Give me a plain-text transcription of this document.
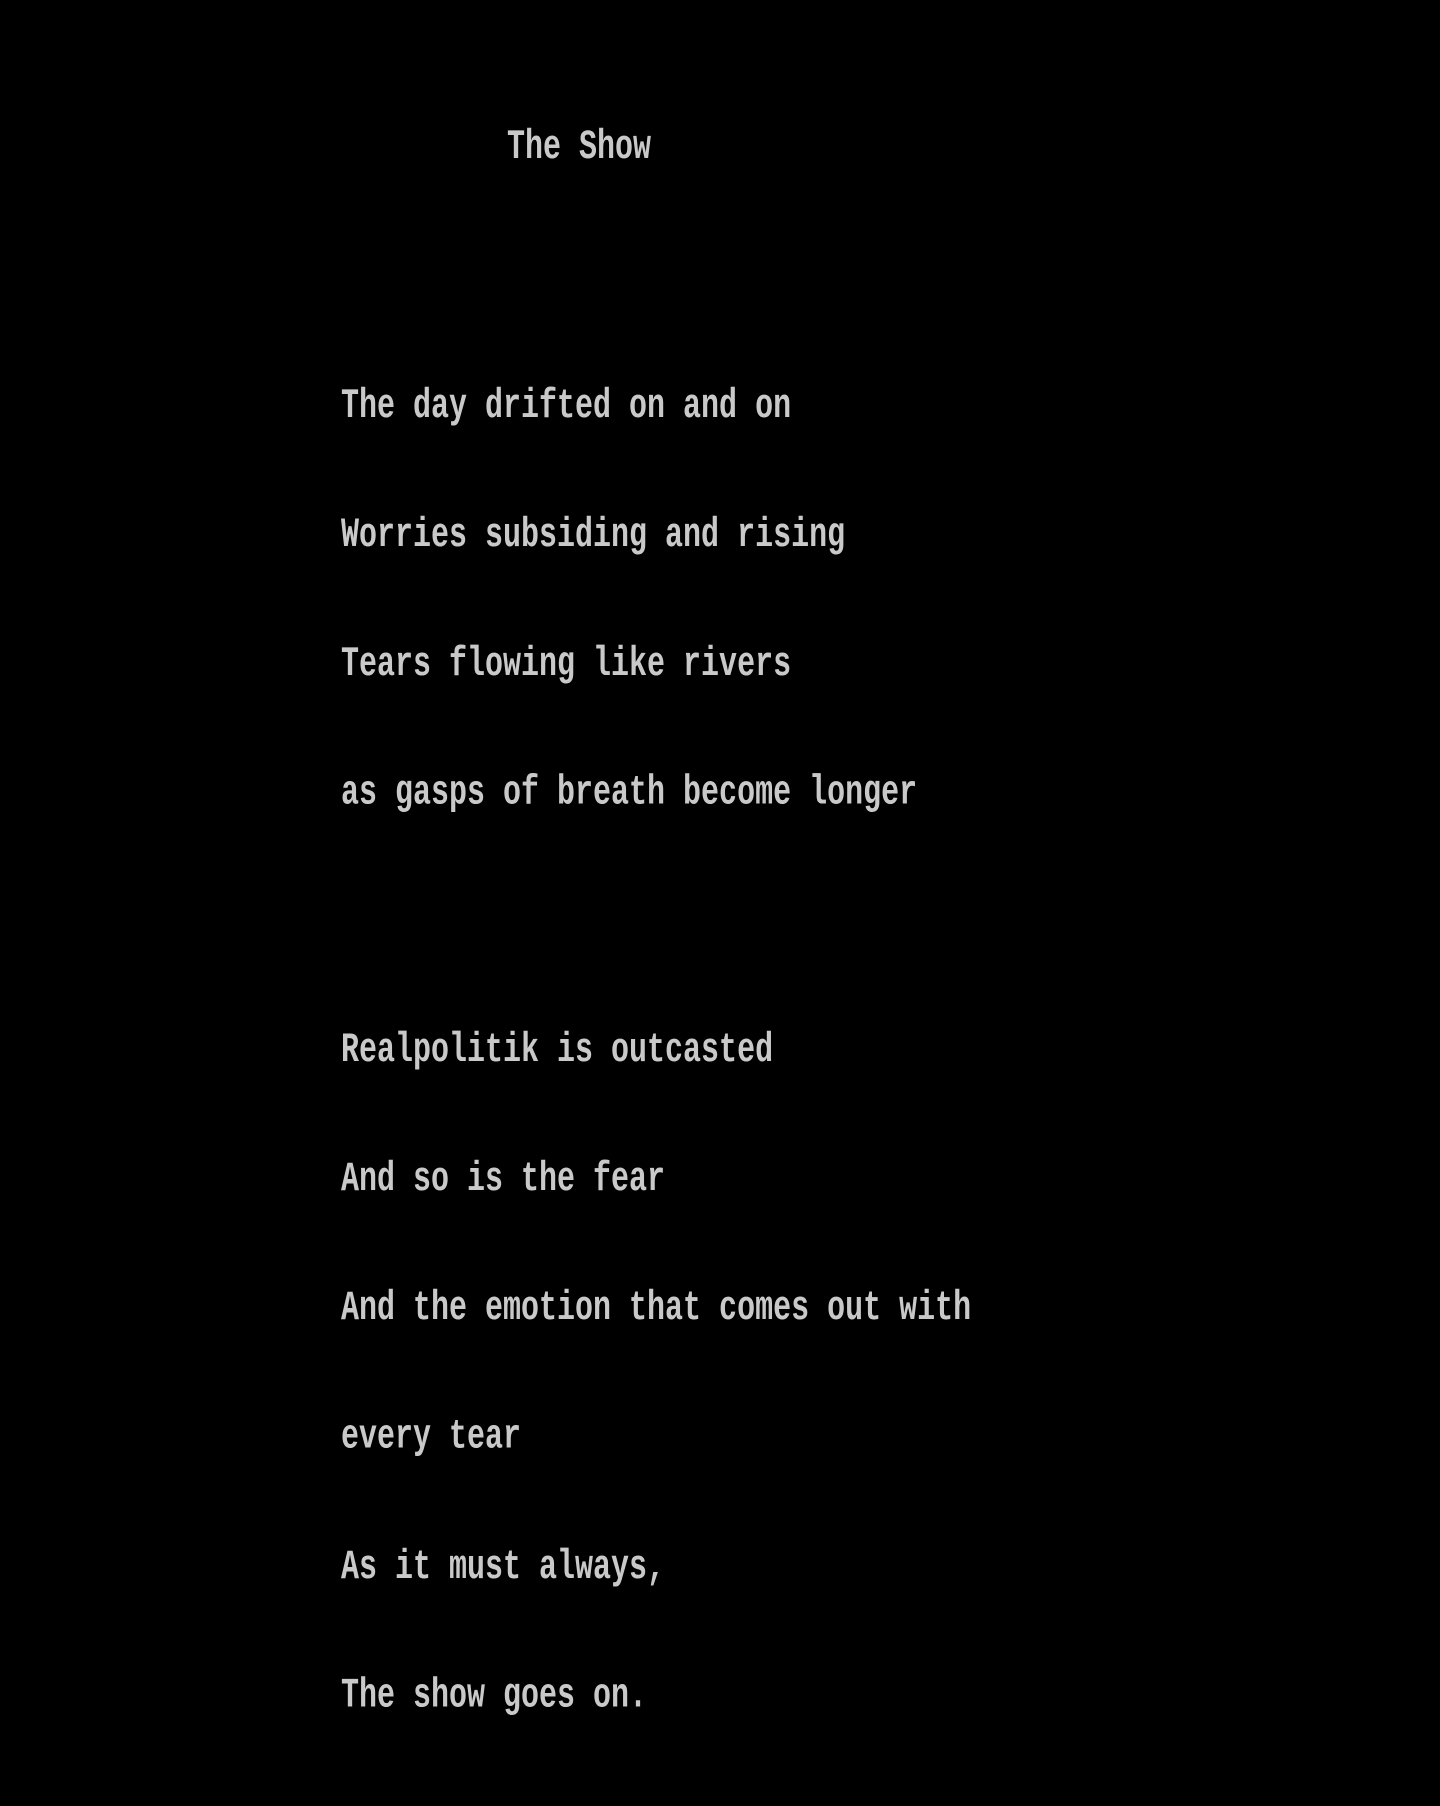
The Show

The day drifted on and on

Worries subsiding and rising

Tears flowing like rivers

as gasps of breath become longer

Realpolitik is outcasted

And so is the fear

And the emotion that comes out with

every tear

As it must always,

The show goes on.
